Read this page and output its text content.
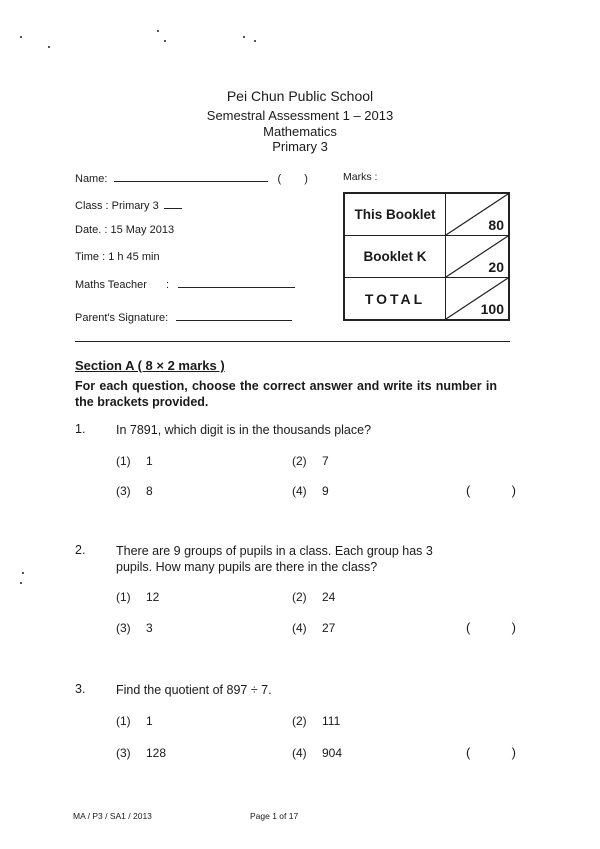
Pei Chun Public School
Semestral Assessment 1 – 2013
Mathematics
Primary 3
Name:	( )	Marks :
Class : Primary 3
Date. : 15 May 2013
Time : 1 h 45 min
Maths Teacher :
Parent's Signature:
This Booklet	80

Booklet K	20

TOTAL	100
Section A ( 8 × 2 marks )
For each question, choose the correct answer and write its number in the brackets provided.
1. In 7891, which digit is in the thousands place?
(1) 1	(2) 7
(3) 8	(4) 9	(	)
2. There are 9 groups of pupils in a class. Each group has 3 pupils. How many pupils are there in the class?
(1) 12	(2) 24
(3) 3	(4) 27	(	)
3. Find the quotient of 897 ÷ 7.
(1) 1	(2) 111
(3) 128	(4) 904	(	)
MA / P3 / SA1 / 2013	Page 1 of 17
